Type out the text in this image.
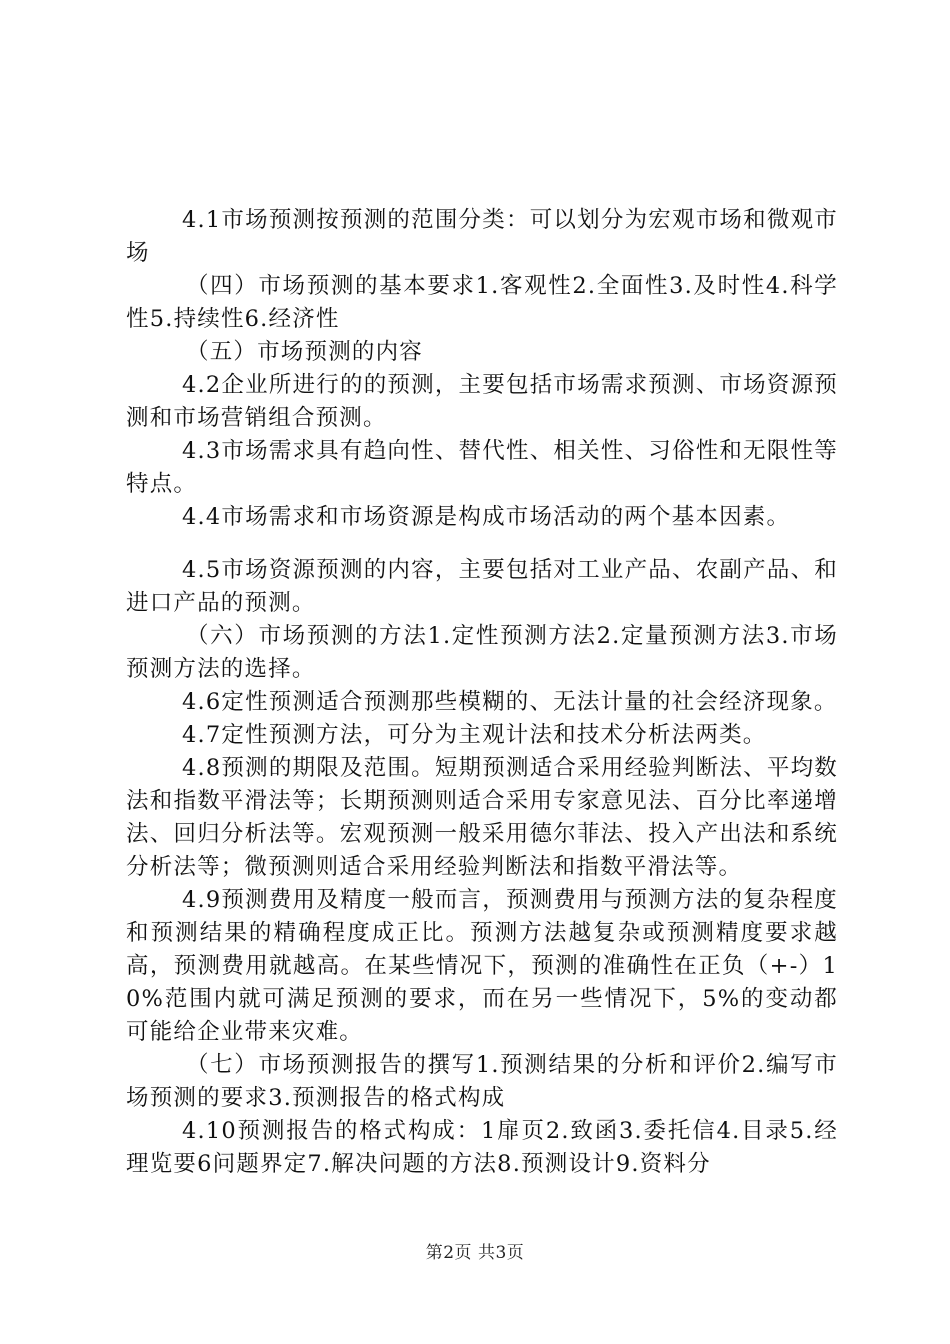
4.1市场预测按预测的范围分类：可以划分为宏观市场和微观市场

（四）市场预测的基本要求1.客观性2.全面性3.及时性4.科学性5.持续性6.经济性

（五）市场预测的内容

4.2企业所进行的的预测，主要包括市场需求预测、市场资源预测和市场营销组合预测。

4.3市场需求具有趋向性、替代性、相关性、习俗性和无限性等特点。

4.4市场需求和市场资源是构成市场活动的两个基本因素。

4.5市场资源预测的内容，主要包括对工业产品、农副产品、和进口产品的预测。

（六）市场预测的方法1.定性预测方法2.定量预测方法3.市场预测方法的选择。

4.6定性预测适合预测那些模糊的、无法计量的社会经济现象。

4.7定性预测方法，可分为主观计法和技术分析法两类。

4.8预测的期限及范围。短期预测适合采用经验判断法、平均数法和指数平滑法等；长期预测则适合采用专家意见法、百分比率递增法、回归分析法等。宏观预测一般采用德尔菲法、投入产出法和系统分析法等；微预测则适合采用经验判断法和指数平滑法等。

4.9预测费用及精度一般而言，预测费用与预测方法的复杂程度和预测结果的精确程度成正比。预测方法越复杂或预测精度要求越高，预测费用就越高。在某些情况下，预测的准确性在正负（+-）10%范围内就可满足预测的要求，而在另一些情况下，5%的变动都可能给企业带来灾难。

（七）市场预测报告的撰写1.预测结果的分析和评价2.编写市场预测的要求3.预测报告的格式构成

4.10预测报告的格式构成：1扉页2.致函3.委托信4.目录5.经理览要6问题界定7.解决问题的方法8.预测设计9.资料分

第2页 共3页
